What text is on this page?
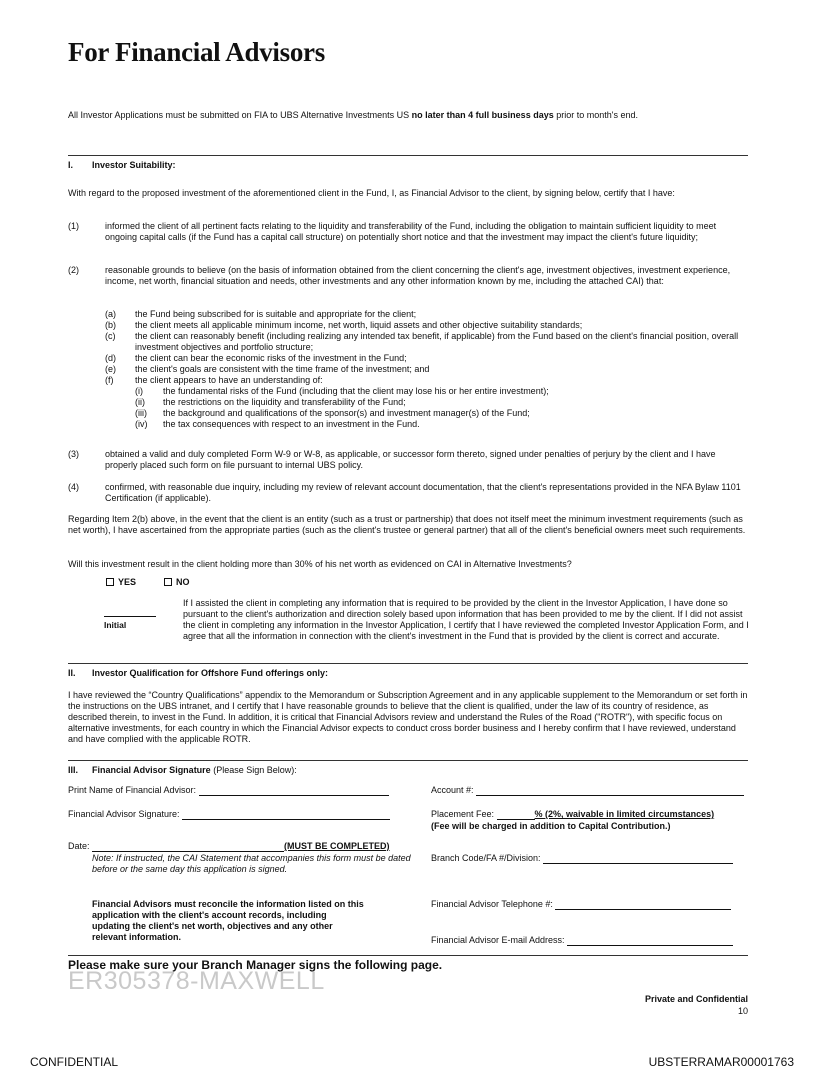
For Financial Advisors
All Investor Applications must be submitted on FIA to UBS Alternative Investments US no later than 4 full business days prior to month's end.
I. Investor Suitability:
With regard to the proposed investment of the aforementioned client in the Fund, I, as Financial Advisor to the client, by signing below, certify that I have:
(1)	informed the client of all pertinent facts relating to the liquidity and transferability of the Fund, including the obligation to maintain sufficient liquidity to meet ongoing capital calls (if the Fund has a capital call structure) on potentially short notice and that the investment may impact the client's future liquidity;
(2)	reasonable grounds to believe (on the basis of information obtained from the client concerning the client's age, investment objectives, investment experience, income, net worth, financial situation and needs, other investments and any other information known by me, including the attached CAI) that:
(a)	the Fund being subscribed for is suitable and appropriate for the client;
(b)	the client meets all applicable minimum income, net worth, liquid assets and other objective suitability standards;
(c)	the client can reasonably benefit (including realizing any intended tax benefit, if applicable) from the Fund based on the client's financial position, overall investment objectives and portfolio structure;
(d)	the client can bear the economic risks of the investment in the Fund;
(e)	the client's goals are consistent with the time frame of the investment; and
(f)	the client appears to have an understanding of:
(i)	the fundamental risks of the Fund (including that the client may lose his or her entire investment);
(ii)	the restrictions on the liquidity and transferability of the Fund;
(iii)	the background and qualifications of the sponsor(s) and investment manager(s) of the Fund;
(iv)	the tax consequences with respect to an investment in the Fund.
(3)	obtained a valid and duly completed Form W-9 or W-8, as applicable, or successor form thereto, signed under penalties of perjury by the client and I have properly placed such form on file pursuant to internal UBS policy.
(4)	confirmed, with reasonable due inquiry, including my review of relevant account documentation, that the client's representations provided in the NFA Bylaw 1101 Certification (if applicable).
Regarding Item 2(b) above, in the event that the client is an entity (such as a trust or partnership) that does not itself meet the minimum investment requirements (such as net worth), I have ascertained from the appropriate parties (such as the client's trustee or general partner) that all of the client's beneficial owners meet such requirements.
Will this investment result in the client holding more than 30% of his net worth as evidenced on CAI in Alternative Investments?
YES	NO
Initial
If I assisted the client in completing any information that is required to be provided by the client in the Investor Application, I have done so pursuant to the client's authorization and direction solely based upon information that has been provided to me by the client. If I did not assist the client in completing any information in the Investor Application, I certify that I have reviewed the completed Investor Application Form, and I agree that all the information in connection with the client's investment in the Fund that is provided by the client is correct and accurate.
II. Investor Qualification for Offshore Fund offerings only:
I have reviewed the “Country Qualifications” appendix to the Memorandum or Subscription Agreement and in any applicable supplement to the Memorandum or set forth in the instructions on the UBS intranet, and I certify that I have reasonable grounds to believe that the client is qualified, under the law of its country of residence, as described therein, to invest in the Fund. In addition, it is critical that Financial Advisors review and understand the Rules of the Road ("ROTR"), with specific focus on alternative investments, for each country in which the Financial Advisor expects to conduct cross border business and I hereby confirm that I have reviewed, understand and have complied with the applicable ROTR.
III. Financial Advisor Signature (Please Sign Below):
Print Name of Financial Advisor:	Account #:
Financial Advisor Signature:	Placement Fee:	% (2%, waivable in limited circumstances)
(Fee will be charged in addition to Capital Contribution.)
Date:	(MUST BE COMPLETED)
Note: If instructed, the CAI Statement that accompanies this form must be dated before or the same day this application is signed.
Branch Code/FA #/Division:
Financial Advisors must reconcile the information listed on this application with the client's account records, including updating the client's net worth, objectives and any other relevant information.
Financial Advisor Telephone #:
Financial Advisor E-mail Address:
Please make sure your Branch Manager signs the following page.
ER305378-MAXWELL
Private and Confidential
10
CONFIDENTIAL	UBSTERRAMAR00001763
